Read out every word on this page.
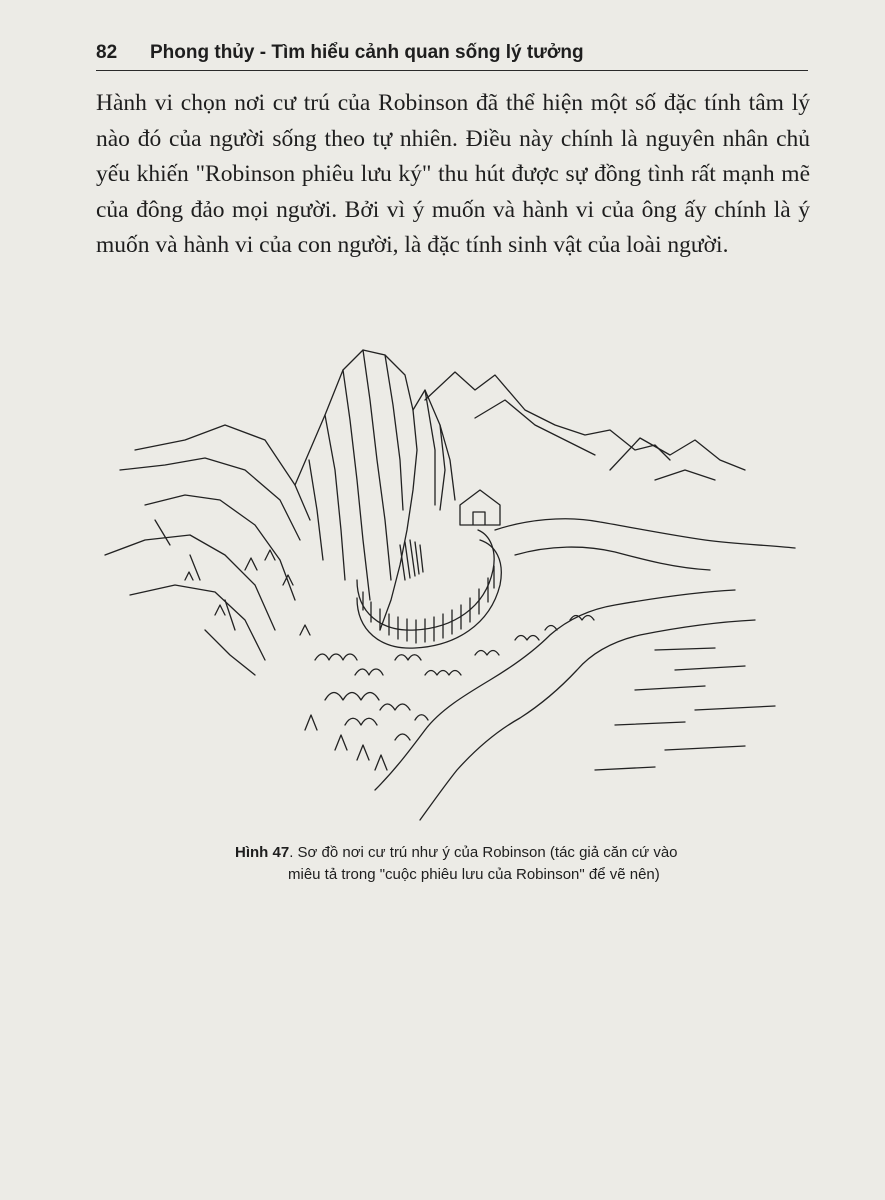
82 Phong thủy - Tìm hiểu cảnh quan sống lý tưởng

Hành vi chọn nơi cư trú của Robinson đã thể hiện một số đặc tính tâm lý nào đó của người sống theo tự nhiên. Điều này chính là nguyên nhân chủ yếu khiến "Robinson phiêu lưu ký" thu hút được sự đồng tình rất mạnh mẽ của đông đảo mọi người. Bởi vì ý muốn và hành vi của ông ấy chính là ý muốn và hành vi của con người, là đặc tính sinh vật của loài người.

Hình 47. Sơ đồ nơi cư trú như ý của Robinson (tác giả căn cứ vào
miêu tả trong "cuộc phiêu lưu của Robinson" để vẽ nên)
